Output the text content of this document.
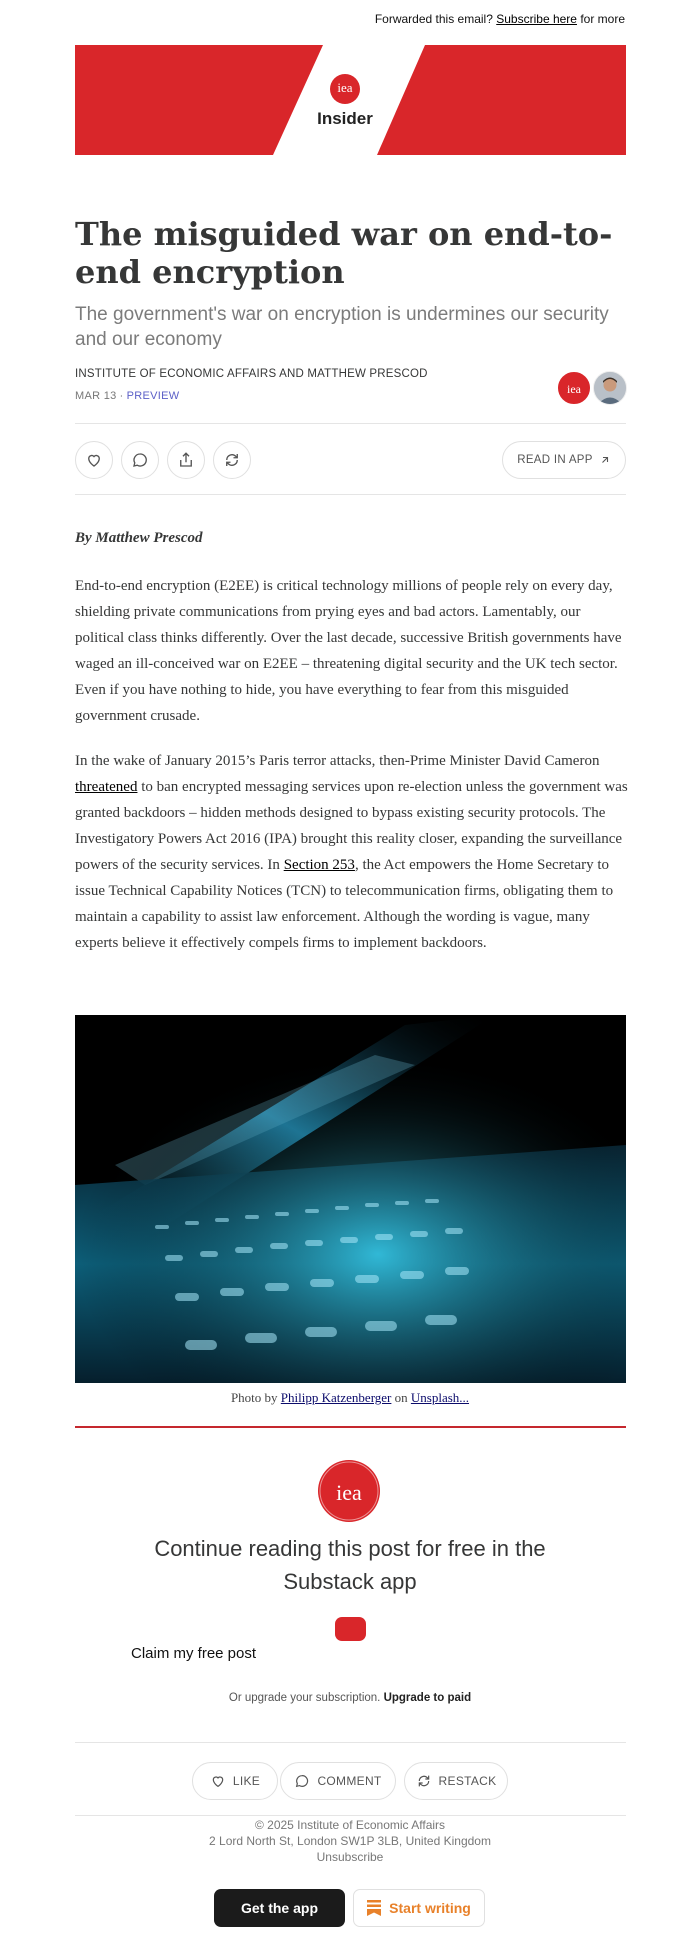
Forwarded this email? Subscribe here for more
iea
Insider
The misguided war on end-to-end encryption
The government's war on encryption is undermines our security and our economy
INSTITUTE OF ECONOMIC AFFAIRS AND MATTHEW PRESCOD
MAR 13 ∙ PREVIEW	iea
READ IN APP
By Matthew Prescod

End-to-end encryption (E2EE) is critical technology millions of people rely on every day, shielding private communications from prying eyes and bad actors. Lamentably, our political class thinks differently. Over the last decade, successive British governments have waged an ill-conceived war on E2EE – threatening digital security and the UK tech sector. Even if you have nothing to hide, you have everything to fear from this misguided government crusade.

In the wake of January 2015’s Paris terror attacks, then-Prime Minister David Cameron threatened to ban encrypted messaging services upon re-election unless the government was granted backdoors – hidden methods designed to bypass existing security protocols. The Investigatory Powers Act 2016 (IPA) brought this reality closer, expanding the surveillance powers of the security services. In Section 253, the Act empowers the Home Secretary to issue Technical Capability Notices (TCN) to telecommunication firms, obligating them to maintain a capability to assist law enforcement. Although the wording is vague, many experts believe it effectively compels firms to implement backdoors.

Photo by Philipp Katzenberger on Unsplash...
iea
Continue reading this post for free in the Substack app
Claim my free post
Or upgrade your subscription. Upgrade to paid
LIKE	COMMENT	RESTACK
© 2025 Institute of Economic Affairs
2 Lord North St, London SW1P 3LB, United Kingdom
Unsubscribe
Get the app	Start writing
